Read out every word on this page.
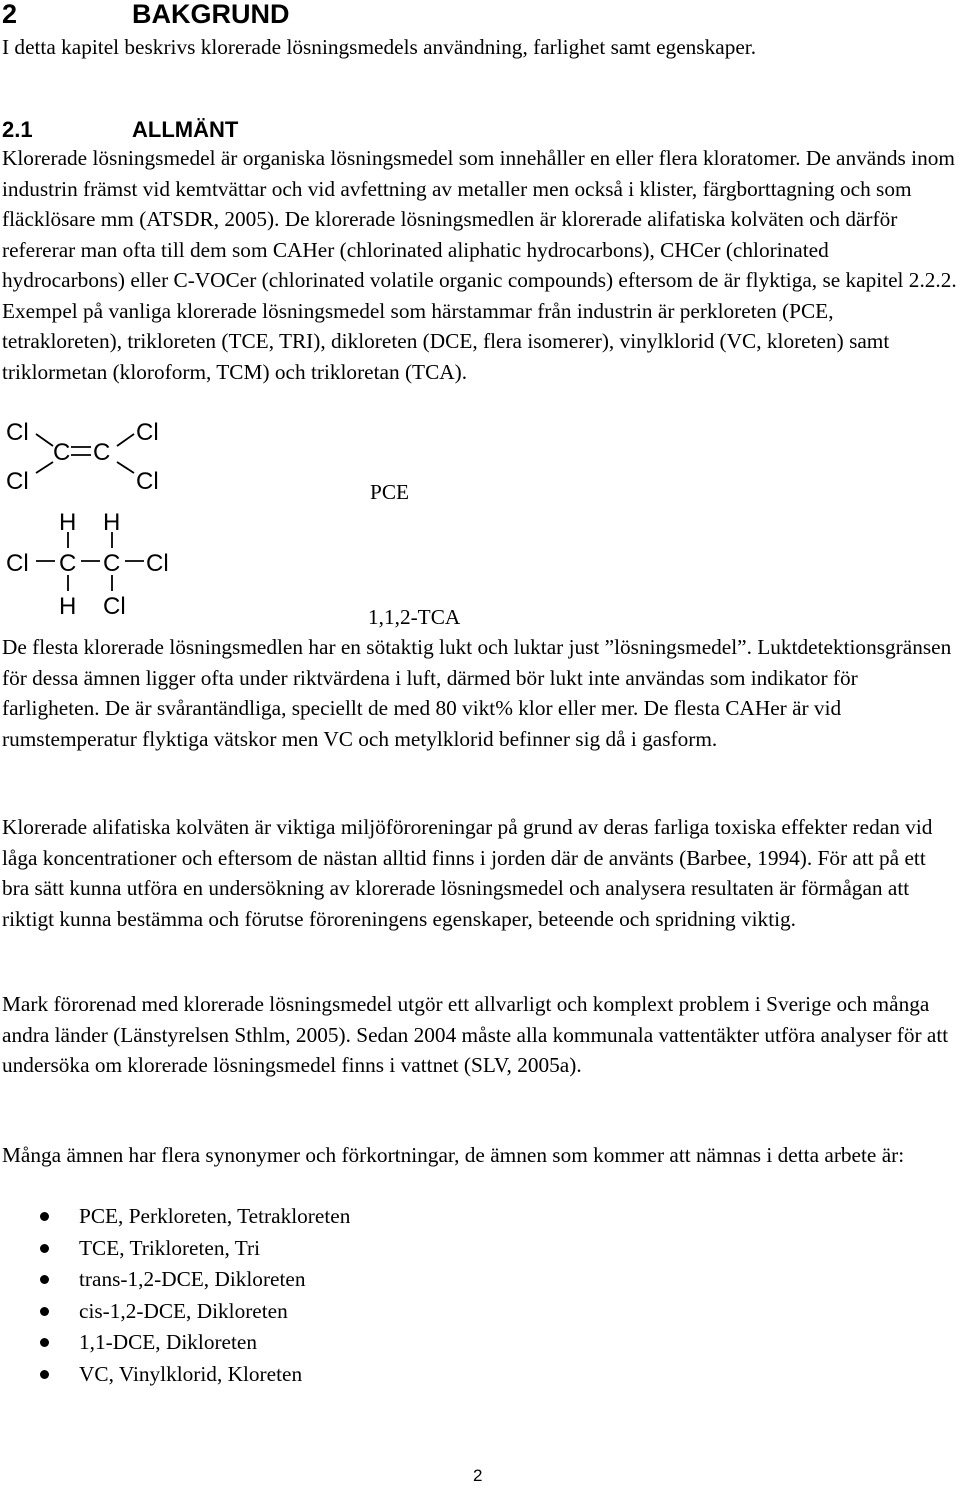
2	BAKGRUND
I detta kapitel beskrivs klorerade lösningsmedels användning, farlighet samt egenskaper.
2.1	ALLMÄNT
Klorerade lösningsmedel är organiska lösningsmedel som innehåller en eller flera kloratomer. De används inom industrin främst vid kemtvättar och vid avfettning av metaller men också i klister, färgborttagning och som fläcklösare mm (ATSDR, 2005). De klorerade lösningsmedlen är klorerade alifatiska kolväten och därför refererar man ofta till dem som CAHer (chlorinated aliphatic hydrocarbons), CHCer (chlorinated hydrocarbons) eller C-VOCer (chlorinated volatile organic compounds) eftersom de är flyktiga, se kapitel 2.2.2. Exempel på vanliga klorerade lösningsmedel som härstammar från industrin är perkloreten (PCE, tetrakloreten), trikloreten (TCE, TRI), dikloreten (DCE, flera isomerer), vinylklorid (VC, kloreten) samt triklormetan (kloroform, TCM) och trikloretan (TCA).
Cl	Cl
C C
Cl	Cl
H H
Cl C C Cl
H Cl
PCE
1,1,2-TCA
De flesta klorerade lösningsmedlen har en sötaktig lukt och luktar just ”lösningsmedel”. Luktdetektionsgränsen för dessa ämnen ligger ofta under riktvärdena i luft, därmed bör lukt inte användas som indikator för farligheten. De är svårantändliga, speciellt de med 80 vikt% klor eller mer. De flesta CAHer är vid rumstemperatur flyktiga vätskor men VC och metylklorid befinner sig då i gasform.
Klorerade alifatiska kolväten är viktiga miljöföroreningar på grund av deras farliga toxiska effekter redan vid låga koncentrationer och eftersom de nästan alltid finns i jorden där de använts (Barbee, 1994). För att på ett bra sätt kunna utföra en undersökning av klorerade lösningsmedel och analysera resultaten är förmågan att riktigt kunna bestämma och förutse föroreningens egenskaper, beteende och spridning viktig.
Mark förorenad med klorerade lösningsmedel utgör ett allvarligt och komplext problem i Sverige och många andra länder (Länstyrelsen Sthlm, 2005). Sedan 2004 måste alla kommunala vattentäkter utföra analyser för att undersöka om klorerade lösningsmedel finns i vattnet (SLV, 2005a).
Många ämnen har flera synonymer och förkortningar, de ämnen som kommer att nämnas i detta arbete är:
PCE, Perkloreten, Tetrakloreten
TCE, Trikloreten, Tri
trans-1,2-DCE, Dikloreten
cis-1,2-DCE, Dikloreten
1,1-DCE, Dikloreten
VC, Vinylklorid, Kloreten
2
